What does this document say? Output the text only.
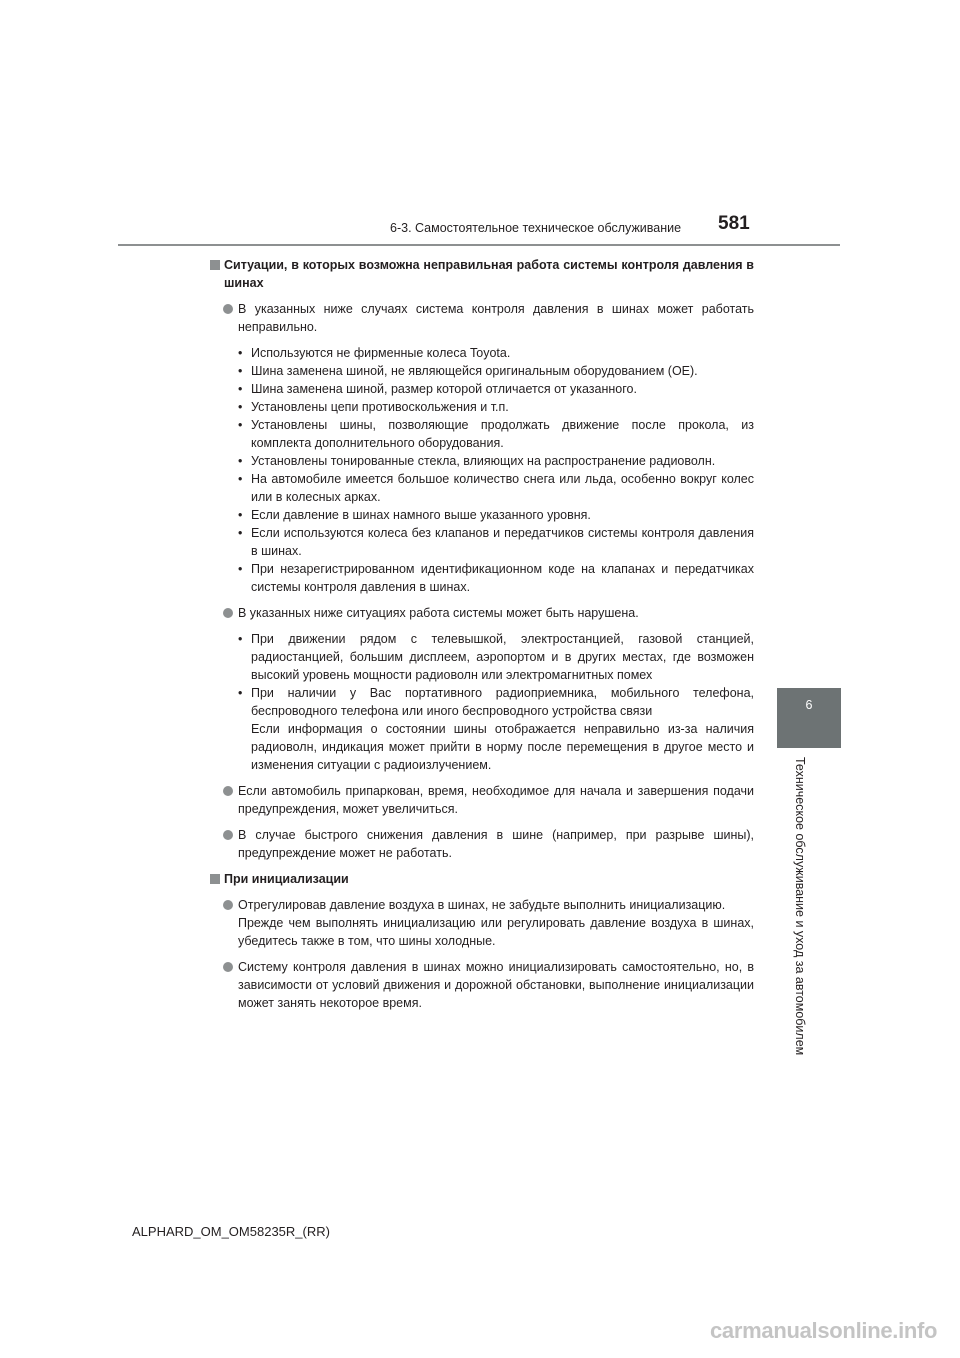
6-3. Самостоятельное техническое обслуживание 581
Ситуации, в которых возможна неправильная работа системы контроля давления в шинах
В указанных ниже случаях система контроля давления в шинах может работать неправильно.
• Используются не фирменные колеса Toyota.
• Шина заменена шиной, не являющейся оригинальным оборудованием (OE).
• Шина заменена шиной, размер которой отличается от указанного.
• Установлены цепи противоскольжения и т.п.
• Установлены шины, позволяющие продолжать движение после прокола, из комплекта дополнительного оборудования.
• Установлены тонированные стекла, влияющих на распространение радиоволн.
• На автомобиле имеется большое количество снега или льда, особенно вокруг колес или в колесных арках.
• Если давление в шинах намного выше указанного уровня.
• Если используются колеса без клапанов и передатчиков системы контроля давления в шинах.
• При незарегистрированном идентификационном коде на клапанах и передатчиках системы контроля давления в шинах.
В указанных ниже ситуациях работа системы может быть нарушена.
• При движении рядом с телевышкой, электростанцией, газовой станцией, радиостанцией, большим дисплеем, аэропортом и в других местах, где возможен высокий уровень мощности радиоволн или электромагнитных помех
• При наличии у Вас портативного радиоприемника, мобильного телефона, беспроводного телефона или иного беспроводного устройства связи
Если информация о состоянии шины отображается неправильно из-за наличия радиоволн, индикация может прийти в норму после перемещения в другое место и изменения ситуации с радиоизлучением.
Если автомобиль припаркован, время, необходимое для начала и завершения подачи предупреждения, может увеличиться.
В случае быстрого снижения давления в шине (например, при разрыве шины), предупреждение может не работать.
При инициализации
Отрегулировав давление воздуха в шинах, не забудьте выполнить инициализацию.
Прежде чем выполнять инициализацию или регулировать давление воздуха в шинах, убедитесь также в том, что шины холодные.
Систему контроля давления в шинах можно инициализировать самостоятельно, но, в зависимости от условий движения и дорожной обстановки, выполнение инициализации может занять некоторое время.
6
Техническое обслуживание и уход за автомобилем
ALPHARD_OM_OM58235R_(RR)
carmanualsonline.info
